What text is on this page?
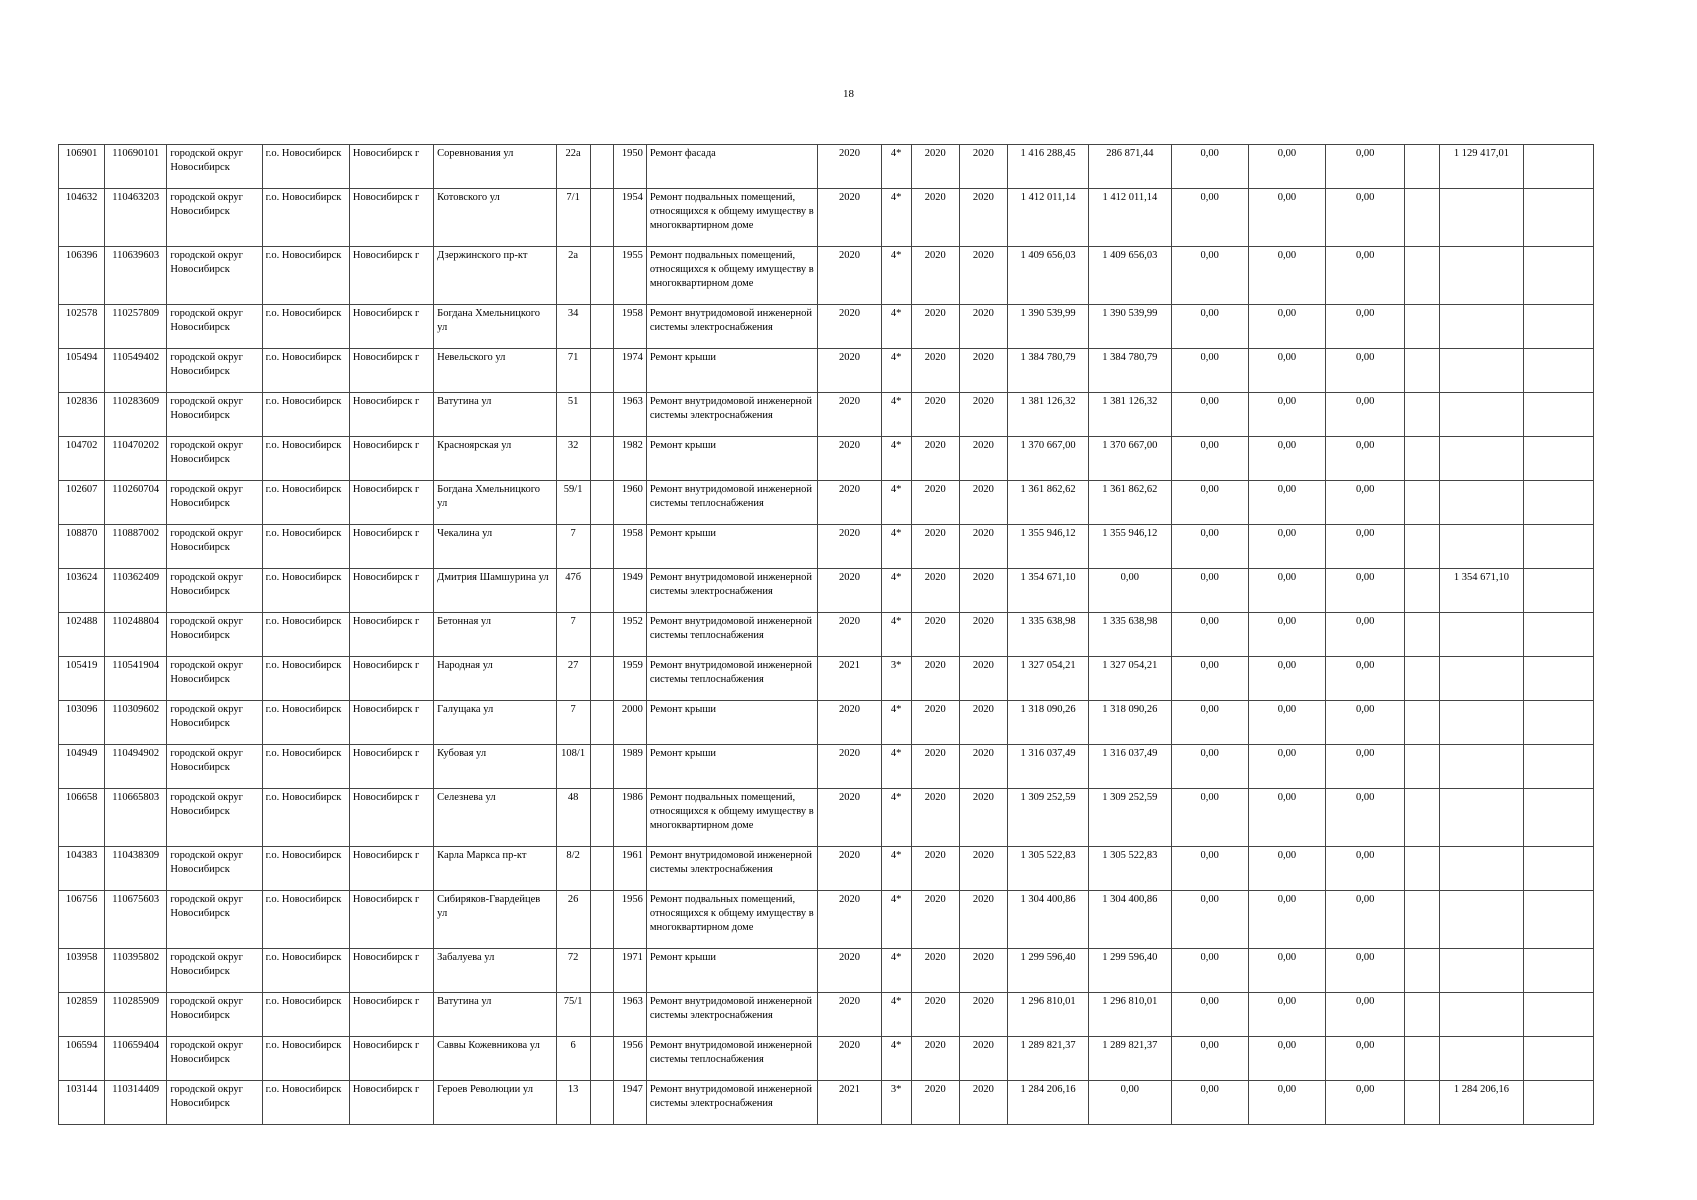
18
106901	110690101	городской округ Новосибирск	г.о. Новосибирск	Новосибирск г	Соревнования ул	22а		1950	Ремонт фасада	2020	4*	2020	2020	1 416 288,45	286 871,44	0,00	0,00	0,00		1 129 417,01	

104632	110463203	городской округ Новосибирск	г.о. Новосибирск	Новосибирск г	Котовского ул	7/1		1954	Ремонт подвальных помещений, относящихся к общему имуществу в многоквартирном доме	2020	4*	2020	2020	1 412 011,14	1 412 011,14	0,00	0,00	0,00			

106396	110639603	городской округ Новосибирск	г.о. Новосибирск	Новосибирск г	Дзержинского пр-кт	2а		1955	Ремонт подвальных помещений, относящихся к общему имуществу в многоквартирном доме	2020	4*	2020	2020	1 409 656,03	1 409 656,03	0,00	0,00	0,00			

102578	110257809	городской округ Новосибирск	г.о. Новосибирск	Новосибирск г	Богдана Хмельницкого ул	34		1958	Ремонт внутридомовой инженерной системы электроснабжения	2020	4*	2020	2020	1 390 539,99	1 390 539,99	0,00	0,00	0,00			

105494	110549402	городской округ Новосибирск	г.о. Новосибирск	Новосибирск г	Невельского ул	71		1974	Ремонт крыши	2020	4*	2020	2020	1 384 780,79	1 384 780,79	0,00	0,00	0,00			

102836	110283609	городской округ Новосибирск	г.о. Новосибирск	Новосибирск г	Ватутина ул	51		1963	Ремонт внутридомовой инженерной системы электроснабжения	2020	4*	2020	2020	1 381 126,32	1 381 126,32	0,00	0,00	0,00			

104702	110470202	городской округ Новосибирск	г.о. Новосибирск	Новосибирск г	Красноярская ул	32		1982	Ремонт крыши	2020	4*	2020	2020	1 370 667,00	1 370 667,00	0,00	0,00	0,00			

102607	110260704	городской округ Новосибирск	г.о. Новосибирск	Новосибирск г	Богдана Хмельницкого ул	59/1		1960	Ремонт внутридомовой инженерной системы теплоснабжения	2020	4*	2020	2020	1 361 862,62	1 361 862,62	0,00	0,00	0,00			

108870	110887002	городской округ Новосибирск	г.о. Новосибирск	Новосибирск г	Чекалина ул	7		1958	Ремонт крыши	2020	4*	2020	2020	1 355 946,12	1 355 946,12	0,00	0,00	0,00			

103624	110362409	городской округ Новосибирск	г.о. Новосибирск	Новосибирск г	Дмитрия Шамшурина ул	47б		1949	Ремонт внутридомовой инженерной системы электроснабжения	2020	4*	2020	2020	1 354 671,10	0,00	0,00	0,00	0,00		1 354 671,10	

102488	110248804	городской округ Новосибирск	г.о. Новосибирск	Новосибирск г	Бетонная ул	7		1952	Ремонт внутридомовой инженерной системы теплоснабжения	2020	4*	2020	2020	1 335 638,98	1 335 638,98	0,00	0,00	0,00			

105419	110541904	городской округ Новосибирск	г.о. Новосибирск	Новосибирск г	Народная ул	27		1959	Ремонт внутридомовой инженерной системы теплоснабжения	2021	3*	2020	2020	1 327 054,21	1 327 054,21	0,00	0,00	0,00			

103096	110309602	городской округ Новосибирск	г.о. Новосибирск	Новосибирск г	Галущака ул	7		2000	Ремонт крыши	2020	4*	2020	2020	1 318 090,26	1 318 090,26	0,00	0,00	0,00			

104949	110494902	городской округ Новосибирск	г.о. Новосибирск	Новосибирск г	Кубовая ул	108/1		1989	Ремонт крыши	2020	4*	2020	2020	1 316 037,49	1 316 037,49	0,00	0,00	0,00			

106658	110665803	городской округ Новосибирск	г.о. Новосибирск	Новосибирск г	Селезнева ул	48		1986	Ремонт подвальных помещений, относящихся к общему имуществу в многоквартирном доме	2020	4*	2020	2020	1 309 252,59	1 309 252,59	0,00	0,00	0,00			

104383	110438309	городской округ Новосибирск	г.о. Новосибирск	Новосибирск г	Карла Маркса пр-кт	8/2		1961	Ремонт внутридомовой инженерной системы электроснабжения	2020	4*	2020	2020	1 305 522,83	1 305 522,83	0,00	0,00	0,00			

106756	110675603	городской округ Новосибирск	г.о. Новосибирск	Новосибирск г	Сибиряков-Гвардейцев ул	26		1956	Ремонт подвальных помещений, относящихся к общему имуществу в многоквартирном доме	2020	4*	2020	2020	1 304 400,86	1 304 400,86	0,00	0,00	0,00			

103958	110395802	городской округ Новосибирск	г.о. Новосибирск	Новосибирск г	Забалуева ул	72		1971	Ремонт крыши	2020	4*	2020	2020	1 299 596,40	1 299 596,40	0,00	0,00	0,00			

102859	110285909	городской округ Новосибирск	г.о. Новосибирск	Новосибирск г	Ватутина ул	75/1		1963	Ремонт внутридомовой инженерной системы электроснабжения	2020	4*	2020	2020	1 296 810,01	1 296 810,01	0,00	0,00	0,00			

106594	110659404	городской округ Новосибирск	г.о. Новосибирск	Новосибирск г	Саввы Кожевникова ул	6		1956	Ремонт внутридомовой инженерной системы теплоснабжения	2020	4*	2020	2020	1 289 821,37	1 289 821,37	0,00	0,00	0,00			

103144	110314409	городской округ Новосибирск	г.о. Новосибирск	Новосибирск г	Героев Революции ул	13		1947	Ремонт внутридомовой инженерной системы электроснабжения	2021	3*	2020	2020	1 284 206,16	0,00	0,00	0,00	0,00		1 284 206,16	
